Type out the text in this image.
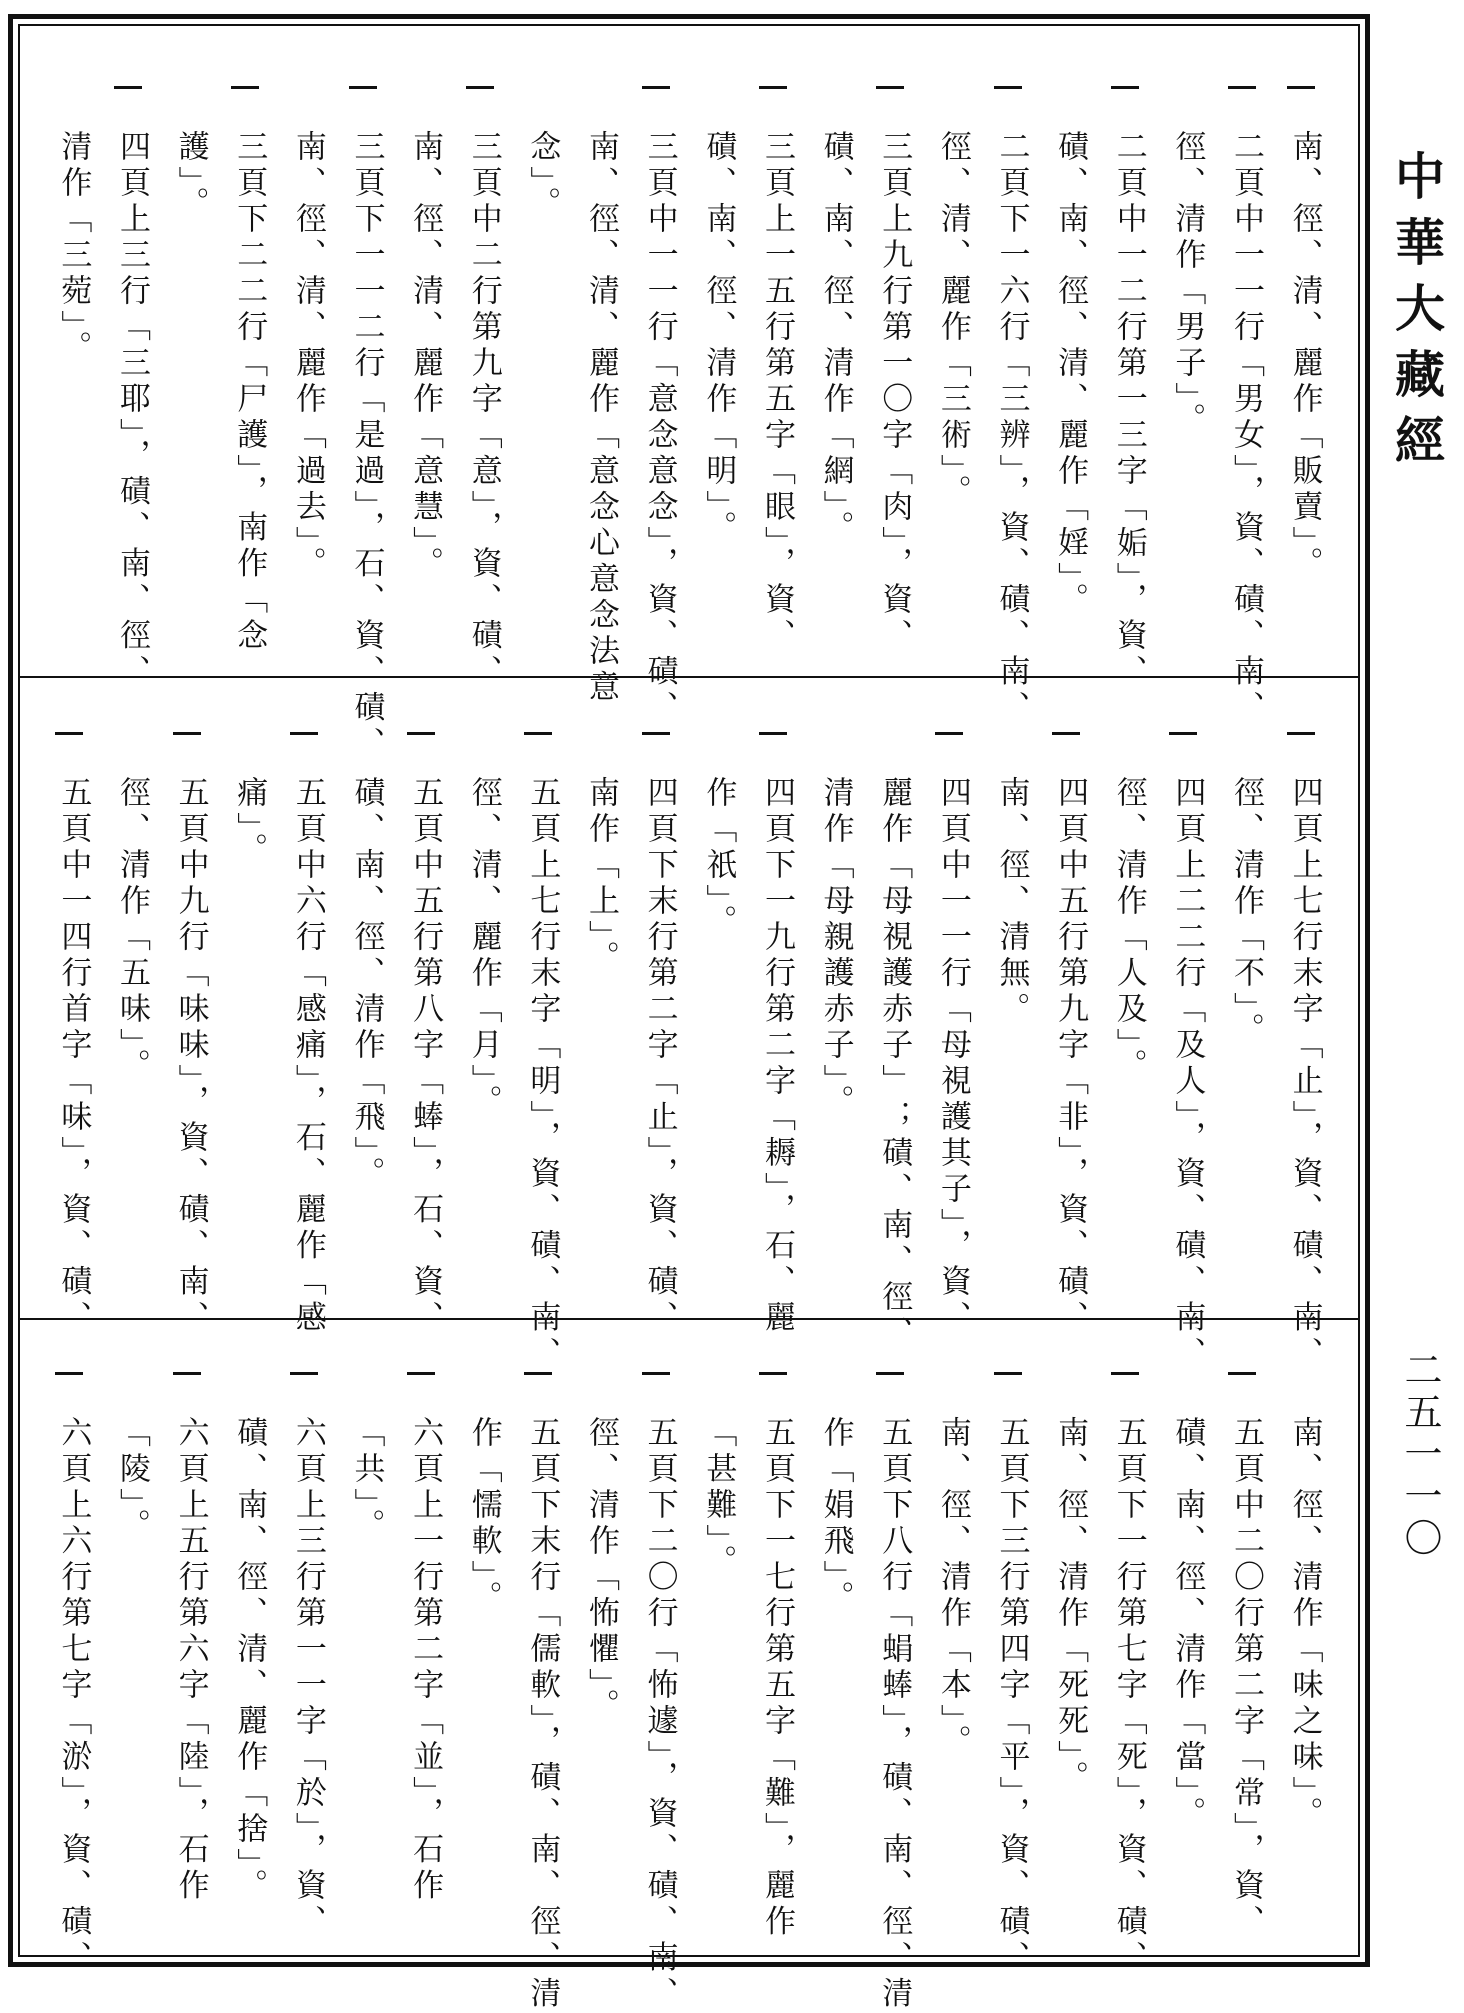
南、徑、清、麗作「販賣」。
二頁中一一行「男女」，資、磧、南、
徑、清作「男子」。
二頁中一二行第一三字「姤」，資、
磧、南、徑、清、麗作「婬」。
二頁下一六行「三辨」，資、磧、南、
徑、清、麗作「三術」。
三頁上九行第一〇字「肉」，資、
磧、南、徑、清作「網」。
三頁上一五行第五字「眼」，資、
磧、南、徑、清作「明」。
三頁中一一行「意念意念」，資、磧、
南、徑、清、麗作「意念心意念法意
念」。
三頁中二行第九字「意」，資、磧、
南、徑、清、麗作「意慧」。
三頁下一一二行「是過」，石、資、磧、
南、徑、清、麗作「過去」。
三頁下二二行「尸護」，南作「念
護」。
四頁上三行「三耶」，磧、南、徑、
清作「三菀」。
四頁上七行末字「止」，資、磧、南、
徑、清作「不」。
四頁上二二行「及人」，資、磧、南、
徑、清作「人及」。
四頁中五行第九字「非」，資、磧、
南、徑、清無。
四頁中一一行「母視護其子」，資、
麗作「母視護赤子」；磧、南、徑、
清作「母親護赤子」。
四頁下一九行第二字「耨」，石、麗
作「祇」。
四頁下末行第二字「止」，資、磧、
南作「上」。
五頁上七行末字「明」，資、磧、南、
徑、清、麗作「月」。
五頁中五行第八字「蜯」，石、資、
磧、南、徑、清作「飛」。
五頁中六行「感痛」，石、麗作「感
痛」。
五頁中九行「味味」，資、磧、南、
徑、清作「五味」。
五頁中一四行首字「味」，資、磧、
南、徑、清作「味之味」。
五頁中二〇行第二字「常」，資、
磧、南、徑、清作「當」。
五頁下一行第七字「死」，資、磧、
南、徑、清作「死死」。
五頁下三行第四字「平」，資、磧、
南、徑、清作「本」。
五頁下八行「蜎蜯」，磧、南、徑、清
作「娟飛」。
五頁下一七行第五字「難」，麗作
「甚難」。
五頁下二〇行「怖遽」，資、磧、南、
徑、清作「怖懼」。
五頁下末行「儒軟」，磧、南、徑、清
作「懦軟」。
六頁上一行第二字「並」，石作
「共」。
六頁上三行第一一字「於」，資、
磧、南、徑、清、麗作「捨」。
六頁上五行第六字「陸」，石作
「陵」。
六頁上六行第七字「淤」，資、磧、
中華大藏經
二五一一〇
